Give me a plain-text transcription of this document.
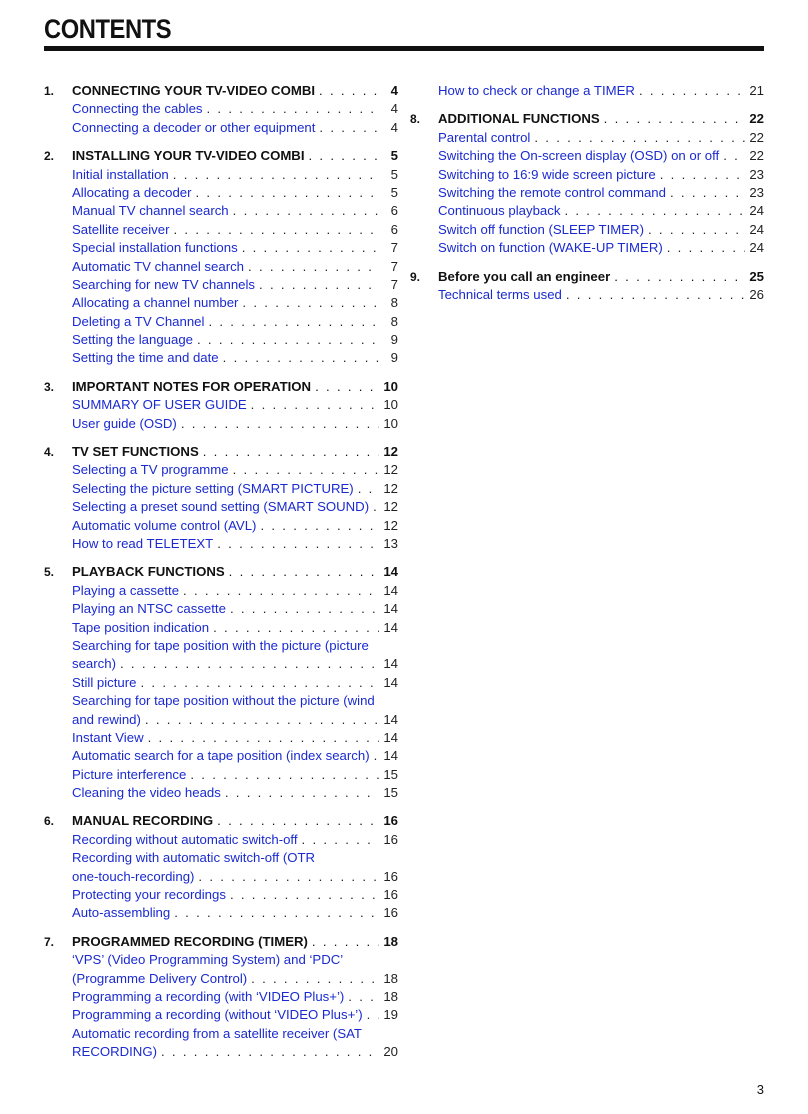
CONTENTS
1. CONNECTING YOUR TV-VIDEO COMBI . . .	4
Connecting the cables . . .	4
Connecting a decoder or other equipment . . .	4
2. INSTALLING YOUR TV-VIDEO COMBI . . .	5
Initial installation . . .	5
Allocating a decoder . . .	5
Manual TV channel search . . .	6
Satellite receiver . . .	6
Special installation functions . . .	7
Automatic TV channel search . . .	7
Searching for new TV channels . . .	7
Allocating a channel number . . .	8
Deleting a TV Channel . . .	8
Setting the language . . .	9
Setting the time and date . . .	9
3. IMPORTANT NOTES FOR OPERATION . . .	10
SUMMARY OF USER GUIDE . . .	10
User guide (OSD) . . .	10
4. TV SET FUNCTIONS . . .	12
Selecting a TV programme . . .	12
Selecting the picture setting (SMART PICTURE) . . . 12
Selecting a preset sound setting (SMART SOUND) . . . 12
Automatic volume control (AVL) . . .	12
How to read TELETEXT . . .	13
5. PLAYBACK FUNCTIONS . . .	14
Playing a cassette . . .	14
Playing an NTSC cassette . . .	14
Tape position indication . . .	14
Searching for tape position with the picture (picture
search) . . .	14
Still picture . . .	14
Searching for tape position without the picture (wind
and rewind) . . .	14
Instant View . . .	14
Automatic search for a tape position (index search) . . . 14
Picture interference . . .	15
Cleaning the video heads . . .	15
6. MANUAL RECORDING . . .	16
Recording without automatic switch-off . . .	16
Recording with automatic switch-off (OTR
one-touch-recording) . . .	16
Protecting your recordings . . .	16
Auto-assembling . . .	16
7. PROGRAMMED RECORDING (TIMER) . . .	18
‘VPS’ (Video Programming System) and ‘PDC’
(Programme Delivery Control) . . .	18
Programming a recording (with ‘VIDEO Plus+’) . . .	18
Programming a recording (without ‘VIDEO Plus+’) . . . 19
Automatic recording from a satellite receiver (SAT
RECORDING) . . .	20
How to check or change a TIMER . . .	21
8. ADDITIONAL FUNCTIONS . . .	22
Parental control . . .	22
Switching the On-screen display (OSD) on or off . . . 22
Switching to 16:9 wide screen picture . . .	23
Switching the remote control command . . .	23
Continuous playback . . .	24
Switch off function (SLEEP TIMER) . . .	24
Switch on function (WAKE-UP TIMER) . . .	24
9. Before you call an engineer . . .	25
Technical terms used . . .	26
3
